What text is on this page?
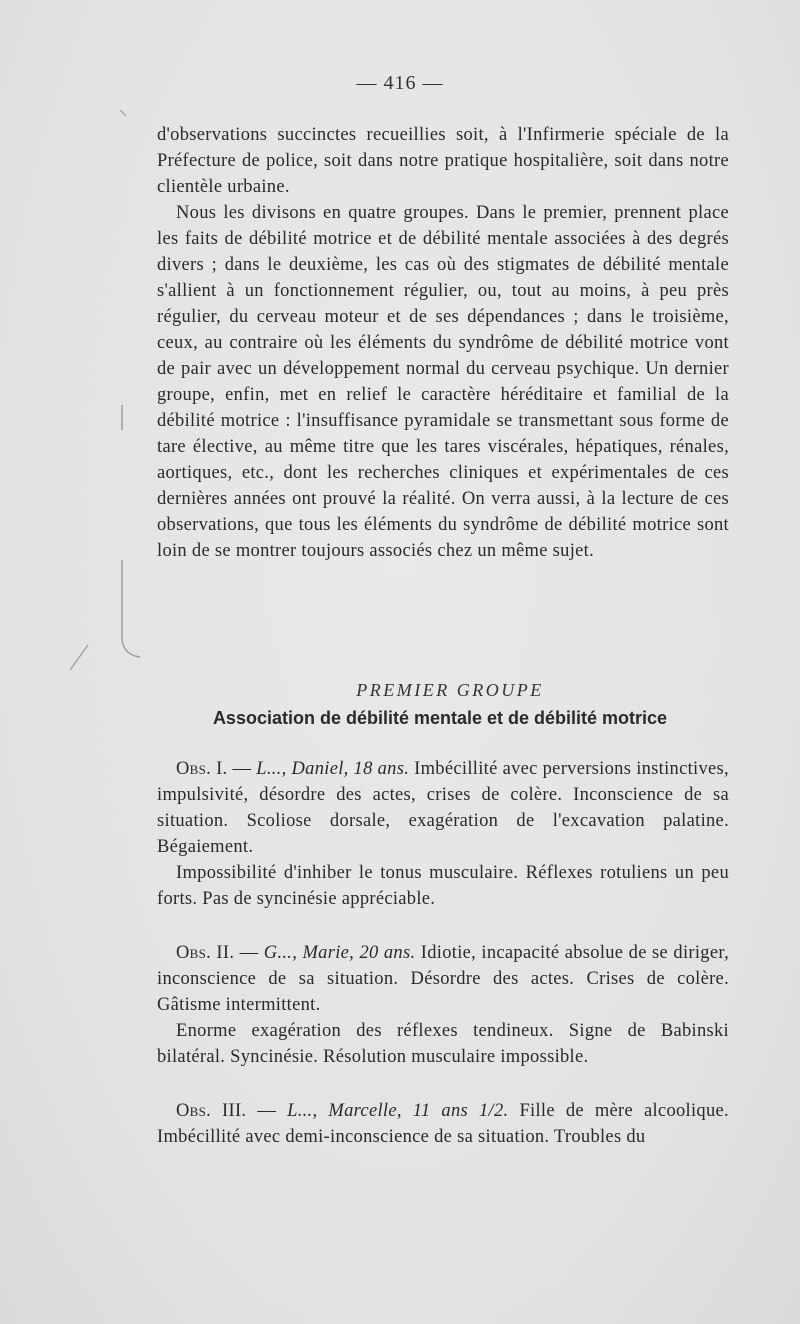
— 416 —

d'observations succinctes recueillies soit, à l'Infirmerie spéciale de la Préfecture de police, soit dans notre pratique hospitalière, soit dans notre clientèle urbaine.

Nous les divisons en quatre groupes. Dans le premier, prennent place les faits de débilité motrice et de débilité mentale associées à des degrés divers ; dans le deuxième, les cas où des stigmates de débilité mentale s'allient à un fonctionnement régulier, ou, tout au moins, à peu près régulier, du cerveau moteur et de ses dépendances ; dans le troisième, ceux, au contraire où les éléments du syndrôme de débilité motrice vont de pair avec un développement normal du cerveau psychique. Un dernier groupe, enfin, met en relief le caractère héréditaire et familial de la débilité motrice : l'insuffisance pyramidale se transmettant sous forme de tare élective, au même titre que les tares viscérales, hépatiques, rénales, aortiques, etc., dont les recherches cliniques et expérimentales de ces dernières années ont prouvé la réalité. On verra aussi, à la lecture de ces observations, que tous les éléments du syndrôme de débilité motrice sont loin de se montrer toujours associés chez un même sujet.

PREMIER GROUPE
Association de débilité mentale et de débilité motrice

Obs. I. — L..., Daniel, 18 ans. Imbécillité avec perversions instinctives, impulsivité, désordre des actes, crises de colère. Inconscience de sa situation. Scoliose dorsale, exagération de l'excavation palatine. Bégaiement.

Impossibilité d'inhiber le tonus musculaire. Réflexes rotuliens un peu forts. Pas de syncinésie appréciable.

Obs. II. — G..., Marie, 20 ans. Idiotie, incapacité absolue de se diriger, inconscience de sa situation. Désordre des actes. Crises de colère. Gâtisme intermittent.

Enorme exagération des réflexes tendineux. Signe de Babinski bilatéral. Syncinésie. Résolution musculaire impossible.

Obs. III. — L..., Marcelle, 11 ans 1/2. Fille de mère alcoolique. Imbécillité avec demi-inconscience de sa situation. Troubles du
